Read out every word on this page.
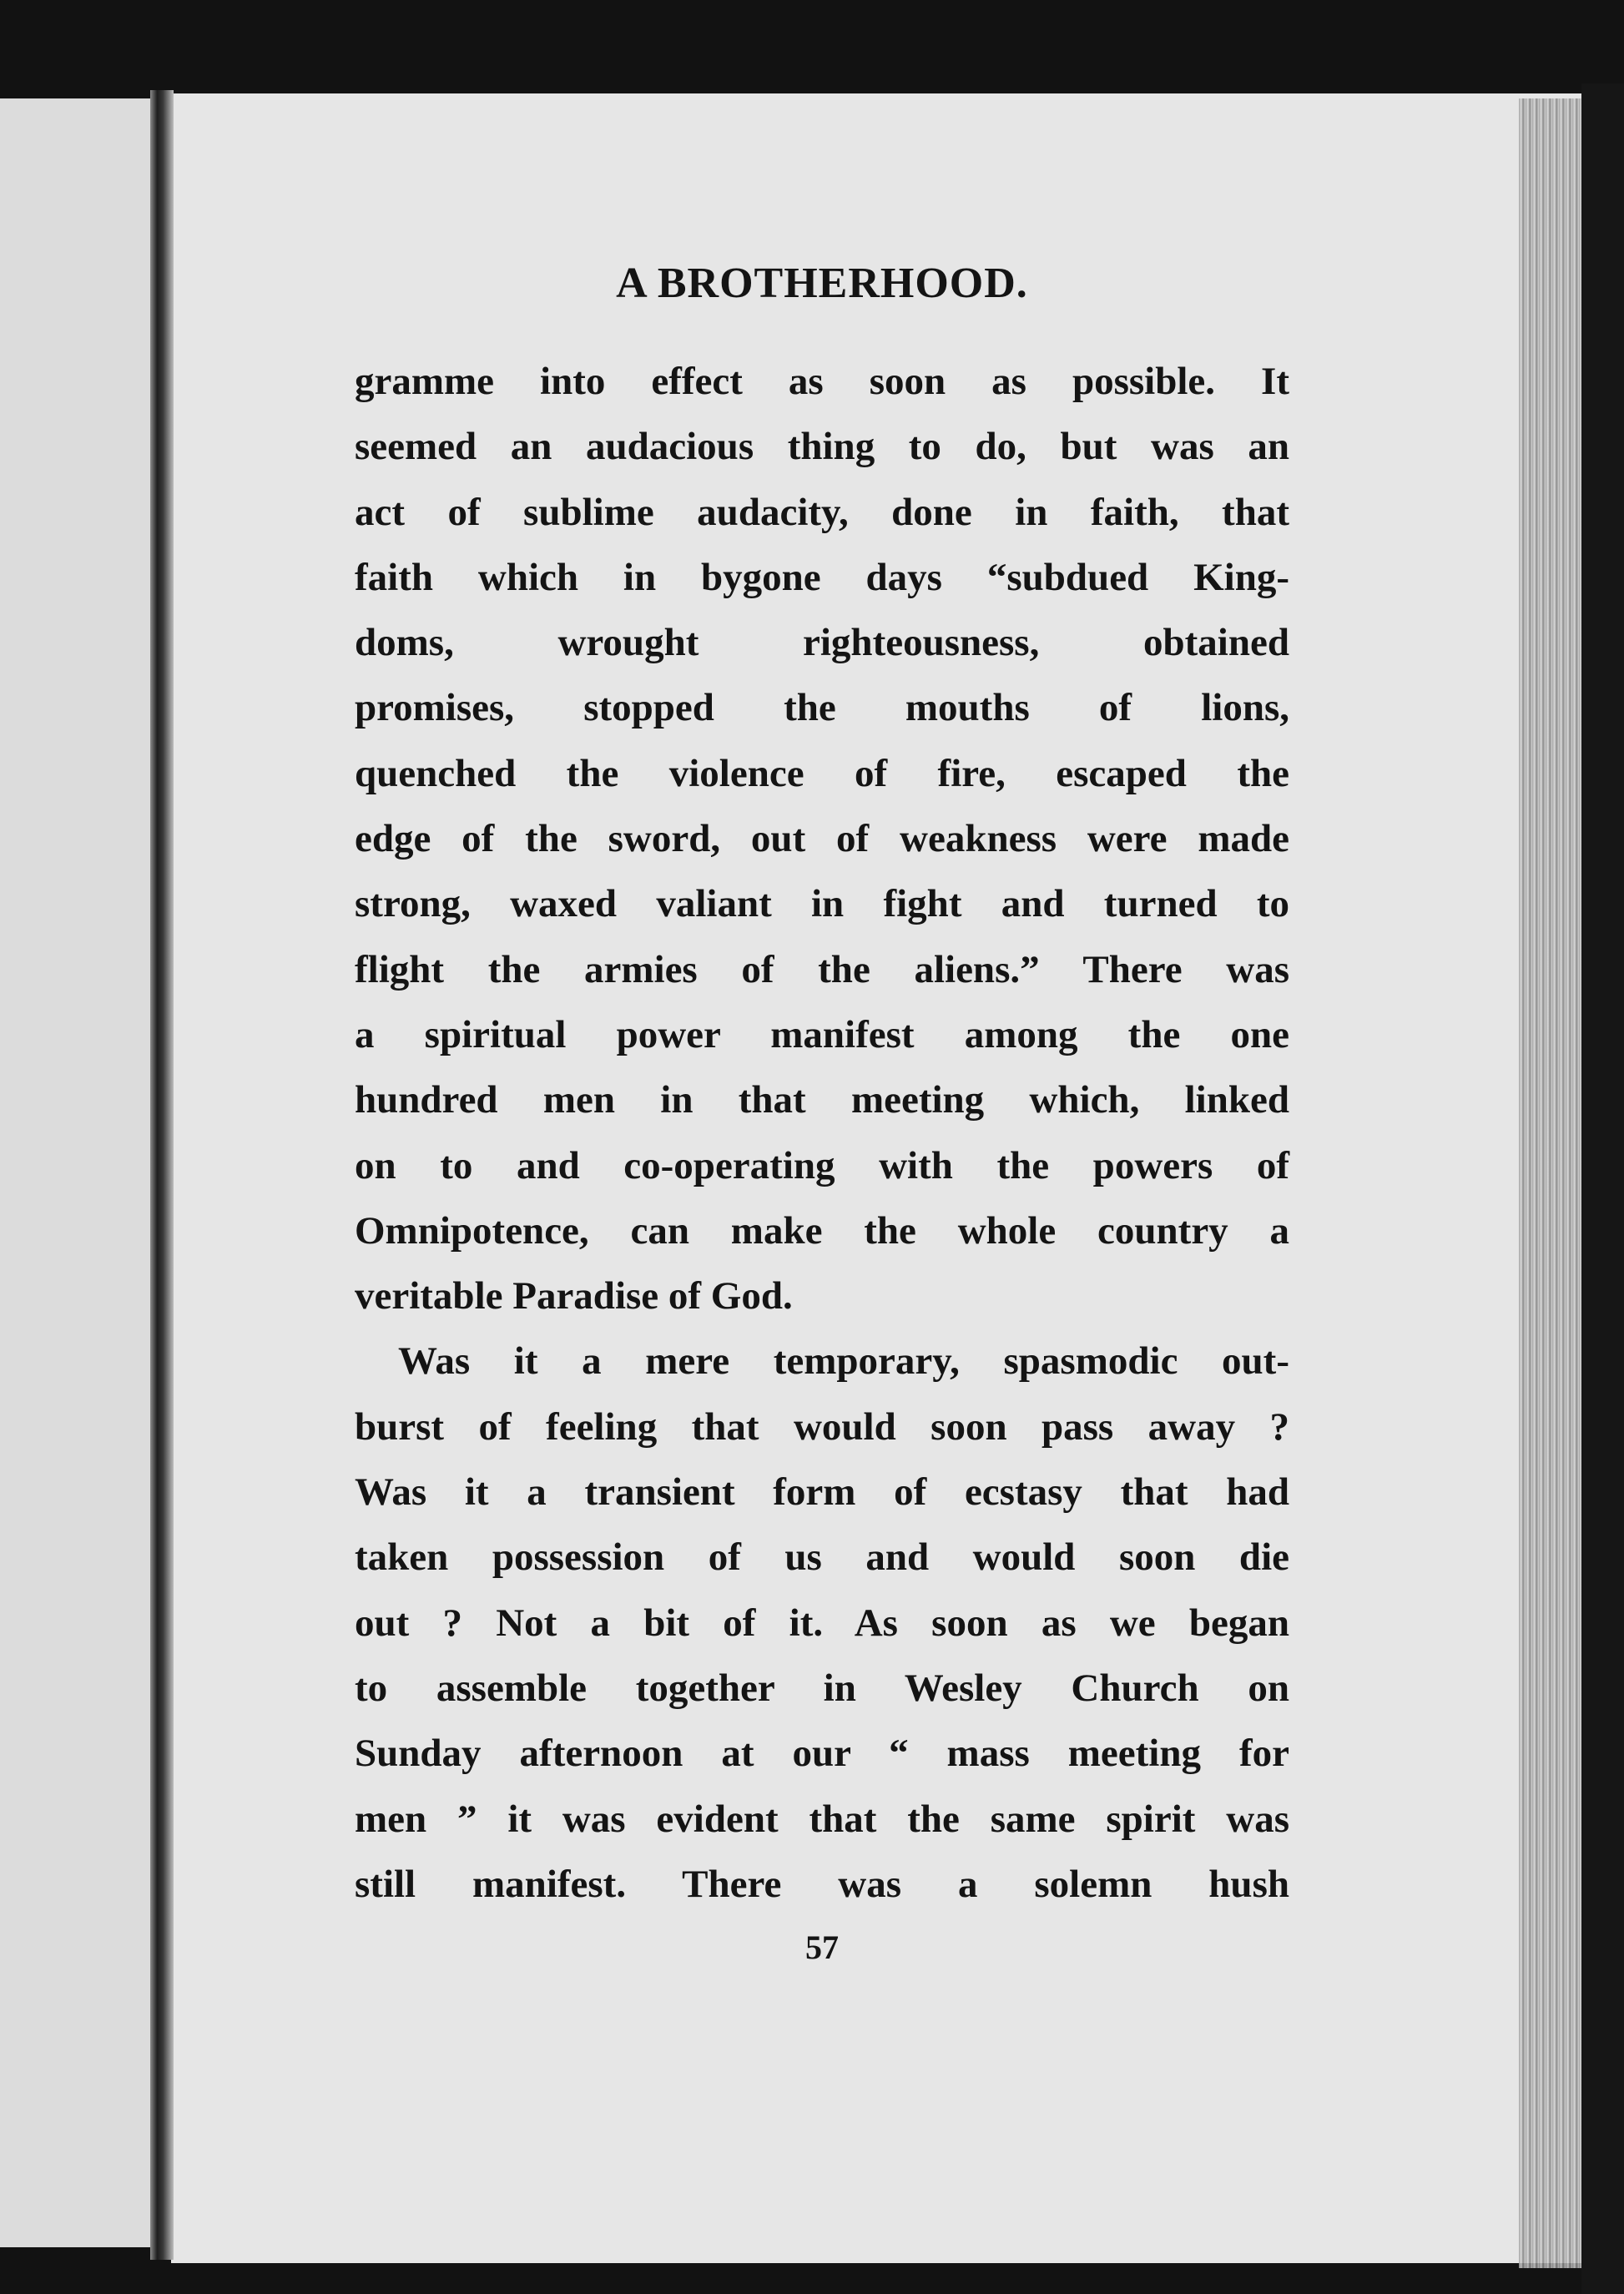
A BROTHERHOOD.
gramme into effect as soon as possible. It
seemed an audacious thing to do, but was an
act of sublime audacity, done in faith, that
faith which in bygone days “subdued King-
doms, wrought righteousness, obtained
promises, stopped the mouths of lions,
quenched the violence of fire, escaped the
edge of the sword, out of weakness were made
strong, waxed valiant in fight and turned to
flight the armies of the aliens.” There was
a spiritual power manifest among the one
hundred men in that meeting which, linked
on to and co-operating with the powers of
Omnipotence, can make the whole country a
veritable Paradise of God.
Was it a mere temporary, spasmodic out-
burst of feeling that would soon pass away ?
Was it a transient form of ecstasy that had
taken possession of us and would soon die
out ? Not a bit of it. As soon as we began
to assemble together in Wesley Church on
Sunday afternoon at our “ mass meeting for
men ” it was evident that the same spirit was
still manifest. There was a solemn hush
57
